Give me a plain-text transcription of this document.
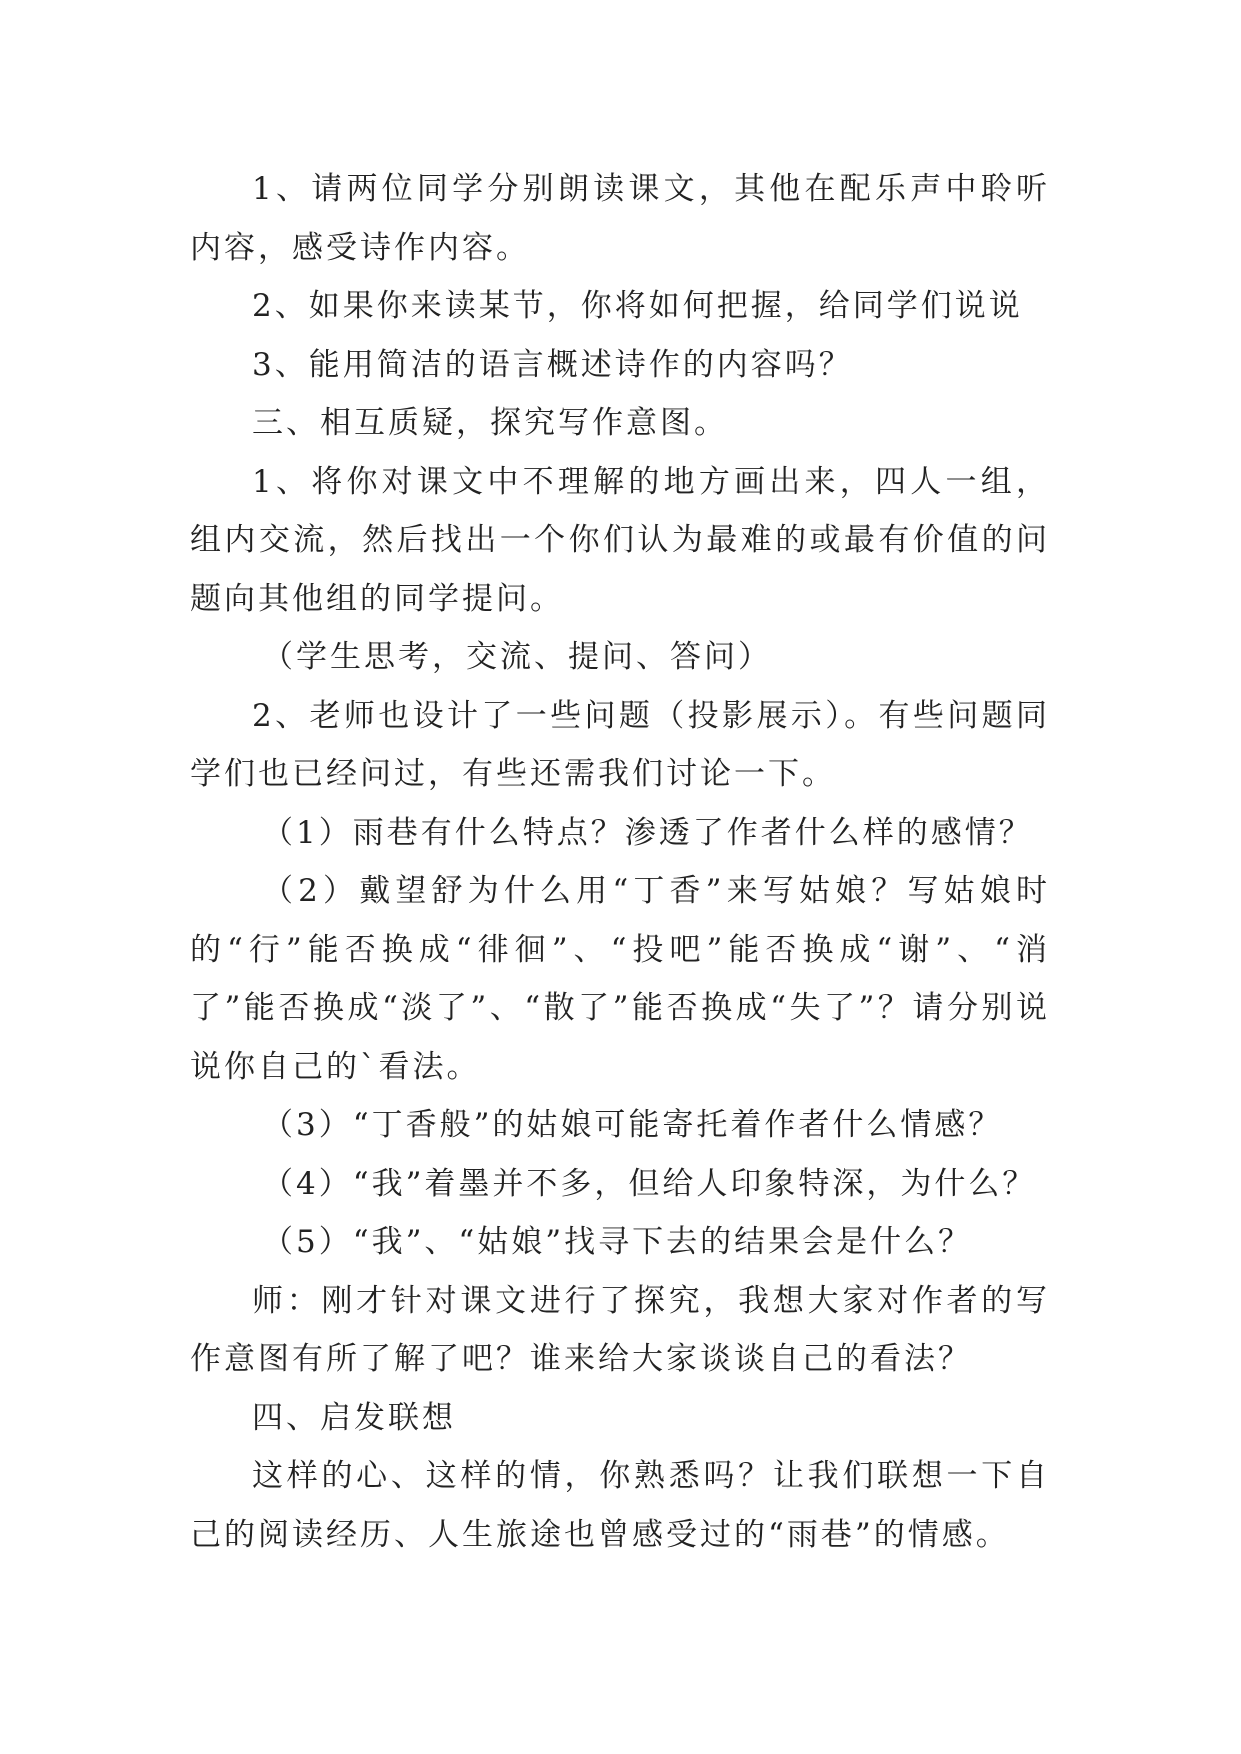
1、请两位同学分别朗读课文，其他在配乐声中聆听内容，感受诗作内容。

2、如果你来读某节，你将如何把握，给同学们说说

3、能用简洁的语言概述诗作的内容吗？

三、相互质疑，探究写作意图。

1、将你对课文中不理解的地方画出来，四人一组，组内交流，然后找出一个你们认为最难的或最有价值的问题向其他组的同学提问。

（学生思考，交流、提问、答问）

2、老师也设计了一些问题（投影展示）。有些问题同学们也已经问过，有些还需我们讨论一下。

（1）雨巷有什么特点？渗透了作者什么样的感情？

（2）戴望舒为什么用“丁香”来写姑娘？写姑娘时的“行”能否换成“徘徊”、“投吧”能否换成“谢”、“消了”能否换成“淡了”、“散了”能否换成“失了”？请分别说说你自己的`看法。

（3）“丁香般”的姑娘可能寄托着作者什么情感？

（4）“我”着墨并不多，但给人印象特深，为什么？

（5）“我”、“姑娘”找寻下去的结果会是什么？

师：刚才针对课文进行了探究，我想大家对作者的写作意图有所了解了吧？谁来给大家谈谈自己的看法？

四、启发联想

这样的心、这样的情，你熟悉吗？让我们联想一下自己的阅读经历、人生旅途也曾感受过的“雨巷”的情感。
